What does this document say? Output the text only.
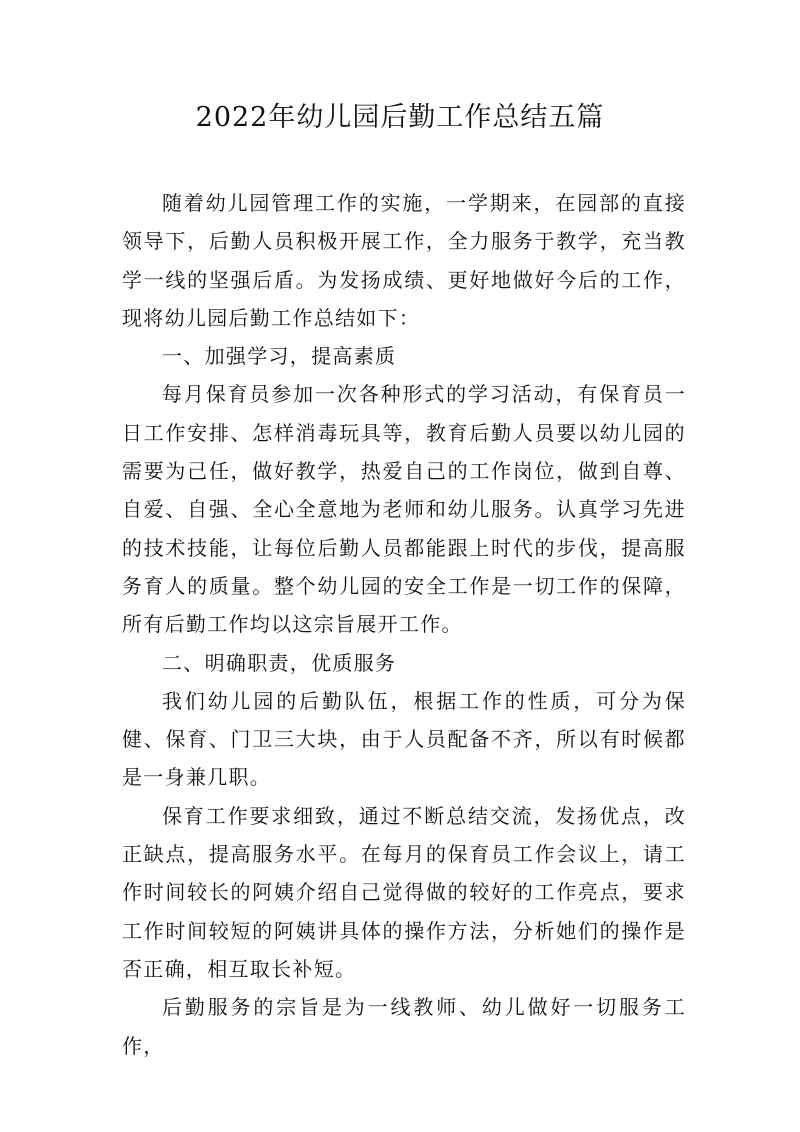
2022年幼儿园后勤工作总结五篇

随着幼儿园管理工作的实施，一学期来，在园部的直接领导下，后勤人员积极开展工作，全力服务于教学，充当教学一线的坚强后盾。为发扬成绩、更好地做好今后的工作，现将幼儿园后勤工作总结如下：

一、加强学习，提高素质

每月保育员参加一次各种形式的学习活动，有保育员一日工作安排、怎样消毒玩具等，教育后勤人员要以幼儿园的需要为己任，做好教学，热爱自己的工作岗位，做到自尊、自爱、自强、全心全意地为老师和幼儿服务。认真学习先进的技术技能，让每位后勤人员都能跟上时代的步伐，提高服务育人的质量。整个幼儿园的安全工作是一切工作的保障，所有后勤工作均以这宗旨展开工作。

二、明确职责，优质服务

我们幼儿园的后勤队伍，根据工作的性质，可分为保健、保育、门卫三大块，由于人员配备不齐，所以有时候都是一身兼几职。

保育工作要求细致，通过不断总结交流，发扬优点，改正缺点，提高服务水平。在每月的保育员工作会议上，请工作时间较长的阿姨介绍自己觉得做的较好的工作亮点，要求工作时间较短的阿姨讲具体的操作方法，分析她们的操作是否正确，相互取长补短。

后勤服务的宗旨是为一线教师、幼儿做好一切服务工作，
